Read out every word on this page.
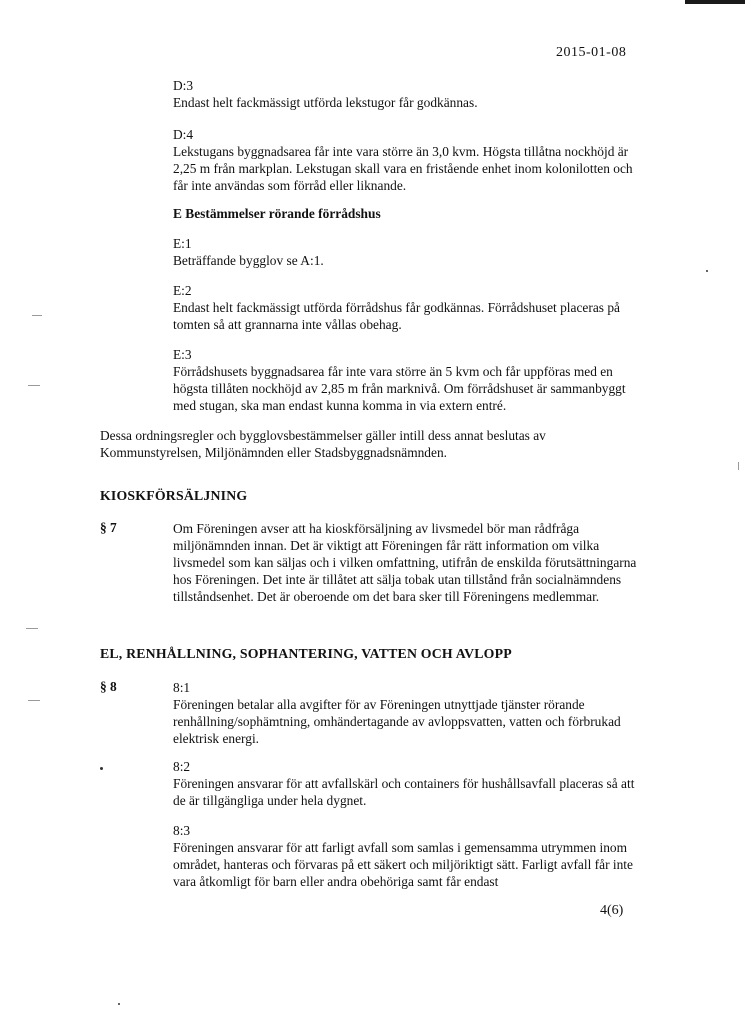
2015-01-08
D:3
Endast helt fackmässigt utförda lekstugor får godkännas.
D:4
Lekstugans byggnadsarea får inte vara större än 3,0 kvm. Högsta tillåtna nockhöjd är 2,25 m från markplan. Lekstugan skall vara en fristående enhet inom kolonilotten och får inte användas som förråd eller liknande.
E Bestämmelser rörande förrådshus
E:1
Beträffande bygglov se A:1.
E:2
Endast helt fackmässigt utförda förrådshus får godkännas. Förrådshuset placeras på tomten så att grannarna inte vållas obehag.
E:3
Förrådshusets byggnadsarea får inte vara större än 5 kvm och får uppföras med en högsta tillåten nockhöjd av 2,85 m från marknivå. Om förrådshuset är sammanbyggt med stugan, ska man endast kunna komma in via extern entré.
Dessa ordningsregler och bygglovsbestämmelser gäller intill dess annat beslutas av Kommunstyrelsen, Miljönämnden eller Stadsbyggnadsnämnden.
KIOSKFÖRSÄLJNING
§ 7	Om Föreningen avser att ha kioskförsäljning av livsmedel bör man rådfråga miljönämnden innan. Det är viktigt att Föreningen får rätt information om vilka livsmedel som kan säljas och i vilken omfattning, utifrån de enskilda förutsättningarna hos Föreningen. Det inte är tillåtet att sälja tobak utan tillstånd från socialnämndens tillståndsenhet. Det är oberoende om det bara sker till Föreningens medlemmar.
EL, RENHÅLLNING, SOPHANTERING, VATTEN OCH AVLOPP
§ 8	8:1
Föreningen betalar alla avgifter för av Föreningen utnyttjade tjänster rörande renhållning/sophämtning, omhändertagande av avloppsvatten, vatten och förbrukad elektrisk energi.
8:2
Föreningen ansvarar för att avfallskärl och containers för hushållsavfall placeras så att de är tillgängliga under hela dygnet.
8:3
Föreningen ansvarar för att farligt avfall som samlas i gemensamma utrymmen inom området, hanteras och förvaras på ett säkert och miljöriktigt sätt. Farligt avfall får inte vara åtkomligt för barn eller andra obehöriga samt får endast
4(6)
